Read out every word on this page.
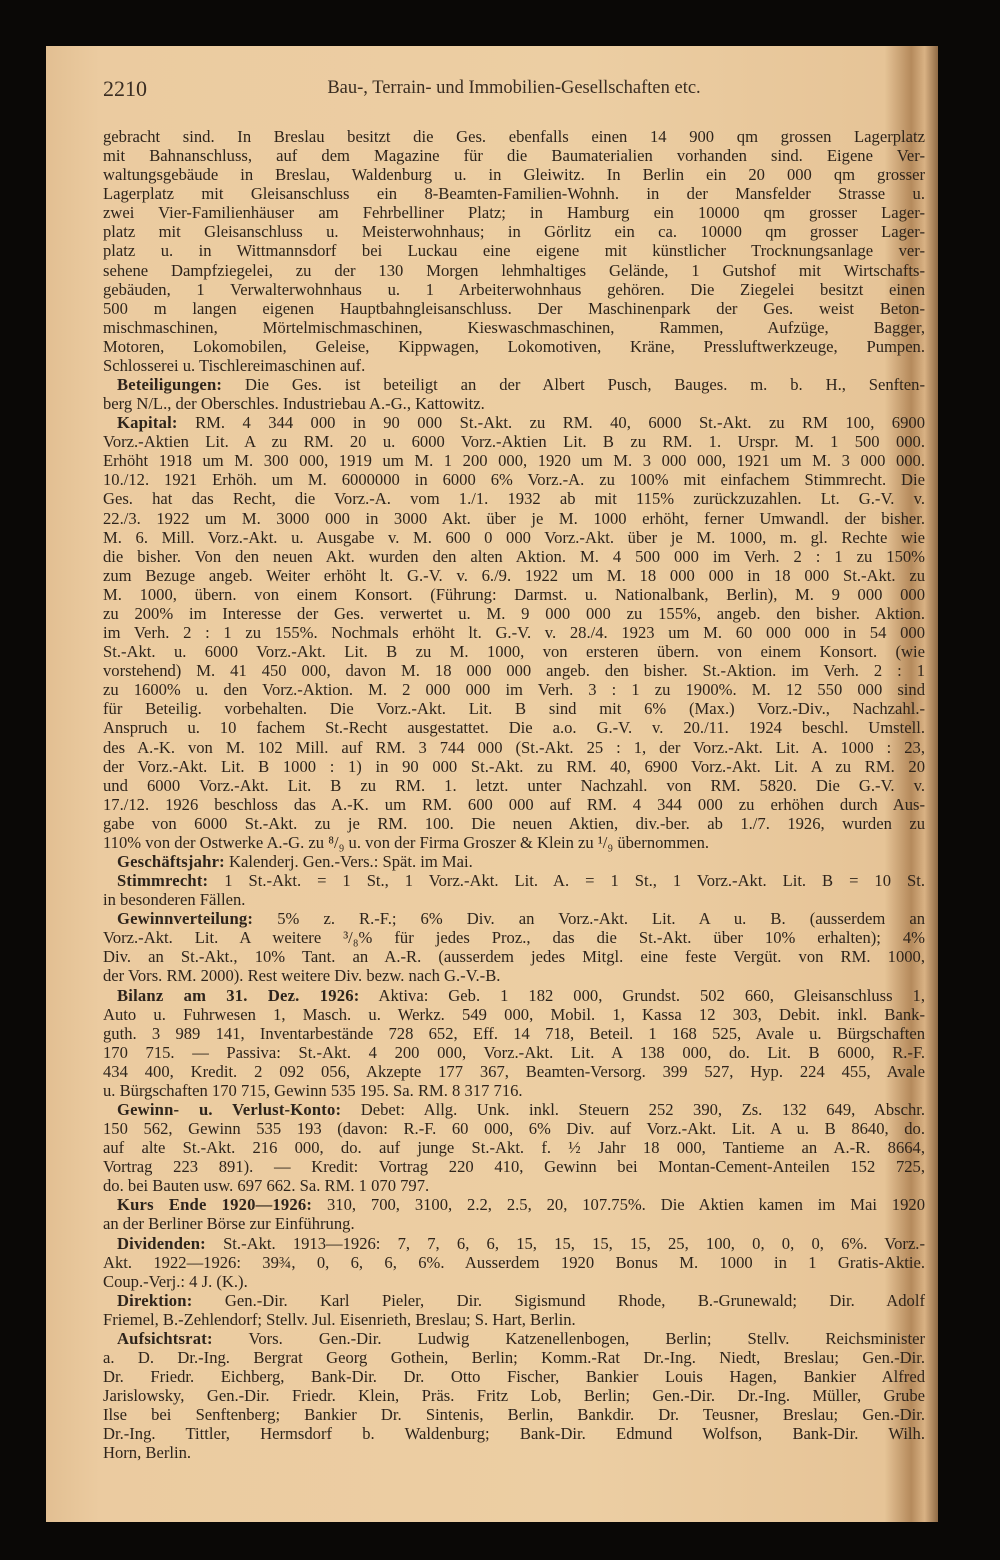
2210	Bau-, Terrain- und Immobilien-Gesellschaften etc.
gebracht sind. In Breslau besitzt die Ges. ebenfalls einen 14 900 qm grossen Lagerplatz
mit Bahnanschluss, auf dem Magazine für die Baumaterialien vorhanden sind. Eigene Ver-
waltungsgebäude in Breslau, Waldenburg u. in Gleiwitz. In Berlin ein 20 000 qm grosser
Lagerplatz mit Gleisanschluss ein 8-Beamten-Familien-Wohnh. in der Mansfelder Strasse u.
zwei Vier-Familienhäuser am Fehrbelliner Platz; in Hamburg ein 10000 qm grosser Lager-
platz mit Gleisanschluss u. Meisterwohnhaus; in Görlitz ein ca. 10000 qm grosser Lager-
platz u. in Wittmannsdorf bei Luckau eine eigene mit künstlicher Trocknungsanlage ver-
sehene Dampfziegelei, zu der 130 Morgen lehmhaltiges Gelände, 1 Gutshof mit Wirtschafts-
gebäuden, 1 Verwalterwohnhaus u. 1 Arbeiterwohnhaus gehören. Die Ziegelei besitzt einen
500 m langen eigenen Hauptbahngleisanschluss. Der Maschinenpark der Ges. weist Beton-
mischmaschinen, Mörtelmischmaschinen, Kieswaschmaschinen, Rammen, Aufzüge, Bagger,
Motoren, Lokomobilen, Geleise, Kippwagen, Lokomotiven, Kräne, Pressluftwerkzeuge, Pumpen.
Schlosserei u. Tischlereimaschinen auf.
Beteiligungen: Die Ges. ist beteiligt an der Albert Pusch, Bauges. m. b. H., Senften-
berg N/L., der Oberschles. Industriebau A.-G., Kattowitz.
Kapital: RM. 4 344 000 in 90 000 St.-Akt. zu RM. 40, 6000 St.-Akt. zu RM 100, 6900
Vorz.-Aktien Lit. A zu RM. 20 u. 6000 Vorz.-Aktien Lit. B zu RM. 1. Urspr. M. 1 500 000.
Erhöht 1918 um M. 300 000, 1919 um M. 1 200 000, 1920 um M. 3 000 000, 1921 um M. 3 000 000.
10./12. 1921 Erhöh. um M. 6000000 in 6000 6% Vorz.-A. zu 100% mit einfachem Stimmrecht. Die
Ges. hat das Recht, die Vorz.-A. vom 1./1. 1932 ab mit 115% zurückzuzahlen. Lt. G.-V. v.
22./3. 1922 um M. 3000 000 in 3000 Akt. über je M. 1000 erhöht, ferner Umwandl. der bisher.
M. 6. Mill. Vorz.-Akt. u. Ausgabe v. M. 600 0 000 Vorz.-Akt. über je M. 1000, m. gl. Rechte wie
die bisher. Von den neuen Akt. wurden den alten Aktion. M. 4 500 000 im Verh. 2 : 1 zu 150%
zum Bezuge angeb. Weiter erhöht lt. G.-V. v. 6./9. 1922 um M. 18 000 000 in 18 000 St.-Akt. zu
M. 1000, übern. von einem Konsort. (Führung: Darmst. u. Nationalbank, Berlin), M. 9 000 000
zu 200% im Interesse der Ges. verwertet u. M. 9 000 000 zu 155%, angeb. den bisher. Aktion.
im Verh. 2 : 1 zu 155%. Nochmals erhöht lt. G.-V. v. 28./4. 1923 um M. 60 000 000 in 54 000
St.-Akt. u. 6000 Vorz.-Akt. Lit. B zu M. 1000, von ersteren übern. von einem Konsort. (wie
vorstehend) M. 41 450 000, davon M. 18 000 000 angeb. den bisher. St.-Aktion. im Verh. 2 : 1
zu 1600% u. den Vorz.-Aktion. M. 2 000 000 im Verh. 3 : 1 zu 1900%. M. 12 550 000 sind
für Beteilig. vorbehalten. Die Vorz.-Akt. Lit. B sind mit 6% (Max.) Vorz.-Div., Nachzahl.-
Anspruch u. 10 fachem St.-Recht ausgestattet. Die a.o. G.-V. v. 20./11. 1924 beschl. Umstell.
des A.-K. von M. 102 Mill. auf RM. 3 744 000 (St.-Akt. 25 : 1, der Vorz.-Akt. Lit. A. 1000 : 23,
der Vorz.-Akt. Lit. B 1000 : 1) in 90 000 St.-Akt. zu RM. 40, 6900 Vorz.-Akt. Lit. A zu RM. 20
und 6000 Vorz.-Akt. Lit. B zu RM. 1. letzt. unter Nachzahl. von RM. 5820. Die G.-V. v.
17./12. 1926 beschloss das A.-K. um RM. 600 000 auf RM. 4 344 000 zu erhöhen durch Aus-
gabe von 6000 St.-Akt. zu je RM. 100. Die neuen Aktien, div.-ber. ab 1./7. 1926, wurden zu
110% von der Ostwerke A.-G. zu ⁸/₉ u. von der Firma Groszer & Klein zu ¹/₉ übernommen.
Geschäftsjahr: Kalenderj. Gen.-Vers.: Spät. im Mai.
Stimmrecht: 1 St.-Akt. = 1 St., 1 Vorz.-Akt. Lit. A. = 1 St., 1 Vorz.-Akt. Lit. B = 10 St.
in besonderen Fällen.
Gewinnverteilung: 5% z. R.-F.; 6% Div. an Vorz.-Akt. Lit. A u. B. (ausserdem an
Vorz.-Akt. Lit. A weitere ³/₈% für jedes Proz., das die St.-Akt. über 10% erhalten); 4%
Div. an St.-Akt., 10% Tant. an A.-R. (ausserdem jedes Mitgl. eine feste Vergüt. von RM. 1000,
der Vors. RM. 2000). Rest weitere Div. bezw. nach G.-V.-B.
Bilanz am 31. Dez. 1926: Aktiva: Geb. 1 182 000, Grundst. 502 660, Gleisanschluss 1,
Auto u. Fuhrwesen 1, Masch. u. Werkz. 549 000, Mobil. 1, Kassa 12 303, Debit. inkl. Bank-
guth. 3 989 141, Inventarbestände 728 652, Eff. 14 718, Beteil. 1 168 525, Avale u. Bürgschaften
170 715. — Passiva: St.-Akt. 4 200 000, Vorz.-Akt. Lit. A 138 000, do. Lit. B 6000, R.-F.
434 400, Kredit. 2 092 056, Akzepte 177 367, Beamten-Versorg. 399 527, Hyp. 224 455, Avale
u. Bürgschaften 170 715, Gewinn 535 195. Sa. RM. 8 317 716.
Gewinn- u. Verlust-Konto: Debet: Allg. Unk. inkl. Steuern 252 390, Zs. 132 649, Abschr.
150 562, Gewinn 535 193 (davon: R.-F. 60 000, 6% Div. auf Vorz.-Akt. Lit. A u. B 8640, do.
auf alte St.-Akt. 216 000, do. auf junge St.-Akt. f. ½ Jahr 18 000, Tantieme an A.-R. 8664,
Vortrag 223 891). — Kredit: Vortrag 220 410, Gewinn bei Montan-Cement-Anteilen 152 725,
do. bei Bauten usw. 697 662. Sa. RM. 1 070 797.
Kurs Ende 1920—1926: 310, 700, 3100, 2.2, 2.5, 20, 107.75%. Die Aktien kamen im Mai 1920
an der Berliner Börse zur Einführung.
Dividenden: St.-Akt. 1913—1926: 7, 7, 6, 6, 15, 15, 15, 15, 25, 100, 0, 0, 0, 6%. Vorz.-
Akt. 1922—1926: 39¾, 0, 6, 6, 6%. Ausserdem 1920 Bonus M. 1000 in 1 Gratis-Aktie.
Coup.-Verj.: 4 J. (K.).
Direktion: Gen.-Dir. Karl Pieler, Dir. Sigismund Rhode, B.-Grunewald; Dir. Adolf
Friemel, B.-Zehlendorf; Stellv. Jul. Eisenrieth, Breslau; S. Hart, Berlin.
Aufsichtsrat: Vors. Gen.-Dir. Ludwig Katzenellenbogen, Berlin; Stellv. Reichsminister
a. D. Dr.-Ing. Bergrat Georg Gothein, Berlin; Komm.-Rat Dr.-Ing. Niedt, Breslau; Gen.-Dir.
Dr. Friedr. Eichberg, Bank-Dir. Dr. Otto Fischer, Bankier Louis Hagen, Bankier Alfred
Jarislowsky, Gen.-Dir. Friedr. Klein, Präs. Fritz Lob, Berlin; Gen.-Dir. Dr.-Ing. Müller, Grube
Ilse bei Senftenberg; Bankier Dr. Sintenis, Berlin, Bankdir. Dr. Teusner, Breslau; Gen.-Dir.
Dr.-Ing. Tittler, Hermsdorf b. Waldenburg; Bank-Dir. Edmund Wolfson, Bank-Dir. Wilh.
Horn, Berlin.
